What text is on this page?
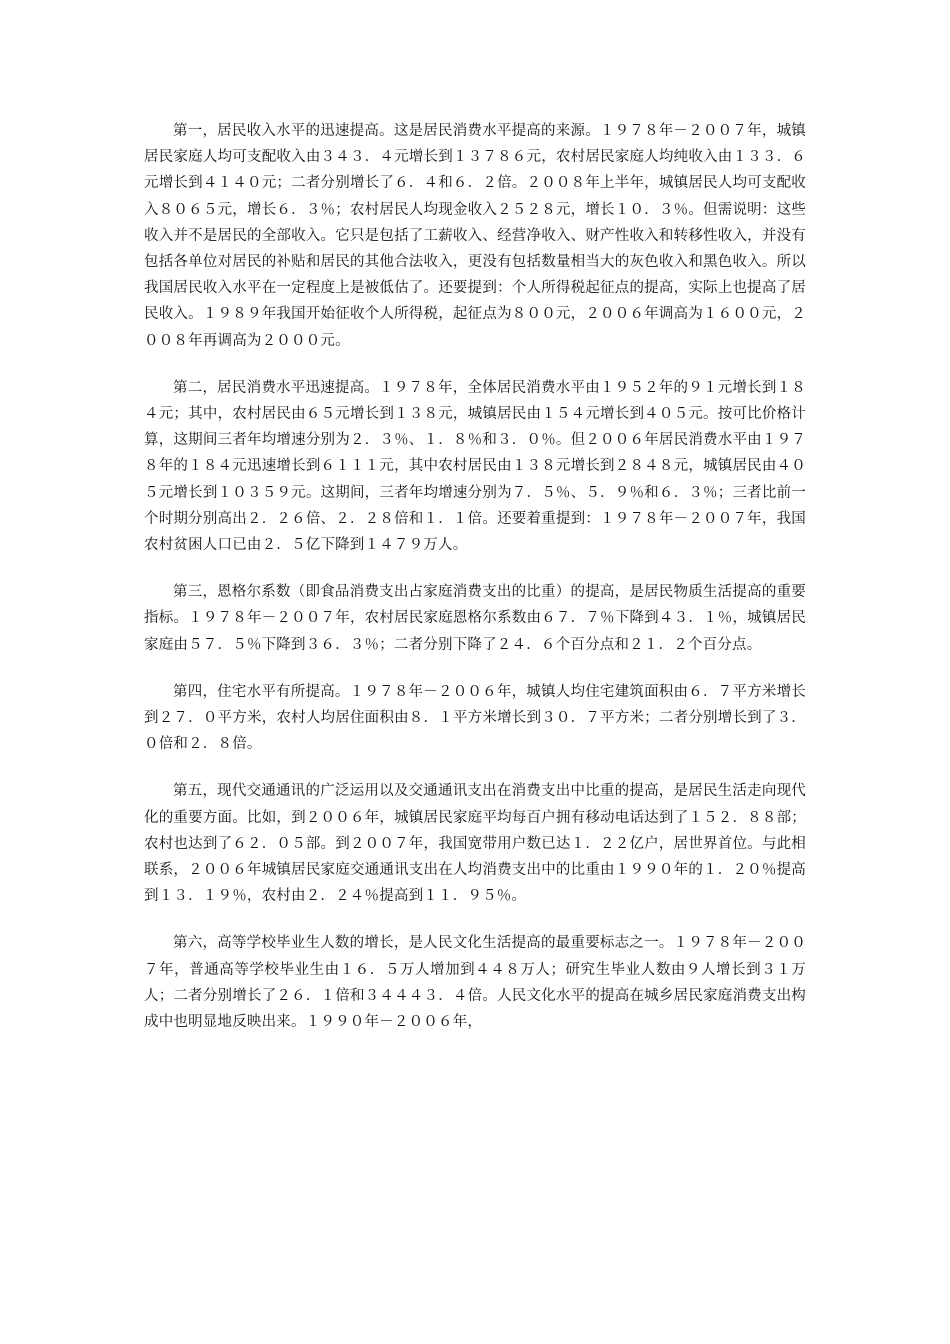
第一，居民收入水平的迅速提高。这是居民消费水平提高的来源。１９７８年－２００７年，城镇居民家庭人均可支配收入由３４３．４元增长到１３７８６元，农村居民家庭人均纯收入由１３３．６元增长到４１４０元；二者分别增长了６．４和６．２倍。２００８年上半年，城镇居民人均可支配收入８０６５元，增长６．３％；农村居民人均现金收入２５２８元，增长１０．３％。但需说明：这些收入并不是居民的全部收入。它只是包括了工薪收入、经营净收入、财产性收入和转移性收入，并没有包括各单位对居民的补贴和居民的其他合法收入，更没有包括数量相当大的灰色收入和黑色收入。所以我国居民收入水平在一定程度上是被低估了。还要提到：个人所得税起征点的提高，实际上也提高了居民收入。１９８９年我国开始征收个人所得税，起征点为８００元，２００６年调高为１６００元，２００８年再调高为２０００元。

第二，居民消费水平迅速提高。１９７８年，全体居民消费水平由１９５２年的９１元增长到１８４元；其中，农村居民由６５元增长到１３８元，城镇居民由１５４元增长到４０５元。按可比价格计算，这期间三者年均增速分别为２．３％、１．８％和３．０％。但２００６年居民消费水平由１９７８年的１８４元迅速增长到６１１１元，其中农村居民由１３８元增长到２８４８元，城镇居民由４０５元增长到１０３５９元。这期间，三者年均增速分别为７．５％、５．９％和６．３％；三者比前一个时期分别高出２．２６倍、２．２８倍和１．１倍。还要着重提到：１９７８年－２００７年，我国农村贫困人口已由２．５亿下降到１４７９万人。

第三，恩格尔系数（即食品消费支出占家庭消费支出的比重）的提高，是居民物质生活提高的重要指标。１９７８年－２００７年，农村居民家庭恩格尔系数由６７．７％下降到４３．１％，城镇居民家庭由５７．５％下降到３６．３％；二者分别下降了２４．６个百分点和２１．２个百分点。

第四，住宅水平有所提高。１９７８年－２００６年，城镇人均住宅建筑面积由６．７平方米增长到２７．０平方米，农村人均居住面积由８．１平方米增长到３０．７平方米；二者分别增长到了３．０倍和２．８倍。

第五，现代交通通讯的广泛运用以及交通通讯支出在消费支出中比重的提高，是居民生活走向现代化的重要方面。比如，到２００６年，城镇居民家庭平均每百户拥有移动电话达到了１５２．８８部；农村也达到了６２．０５部。到２００７年，我国宽带用户数已达１．２２亿户，居世界首位。与此相联系，２００６年城镇居民家庭交通通讯支出在人均消费支出中的比重由１９９０年的１．２０％提高到１３．１９％，农村由２．２４％提高到１１．９５％。

第六，高等学校毕业生人数的增长，是人民文化生活提高的最重要标志之一。１９７８年－２００７年，普通高等学校毕业生由１６．５万人增加到４４８万人；研究生毕业人数由９人增长到３１万人；二者分别增长了２６．１倍和３４４４３．４倍。人民文化水平的提高在城乡居民家庭消费支出构成中也明显地反映出来。１９９０年－２００６年，
